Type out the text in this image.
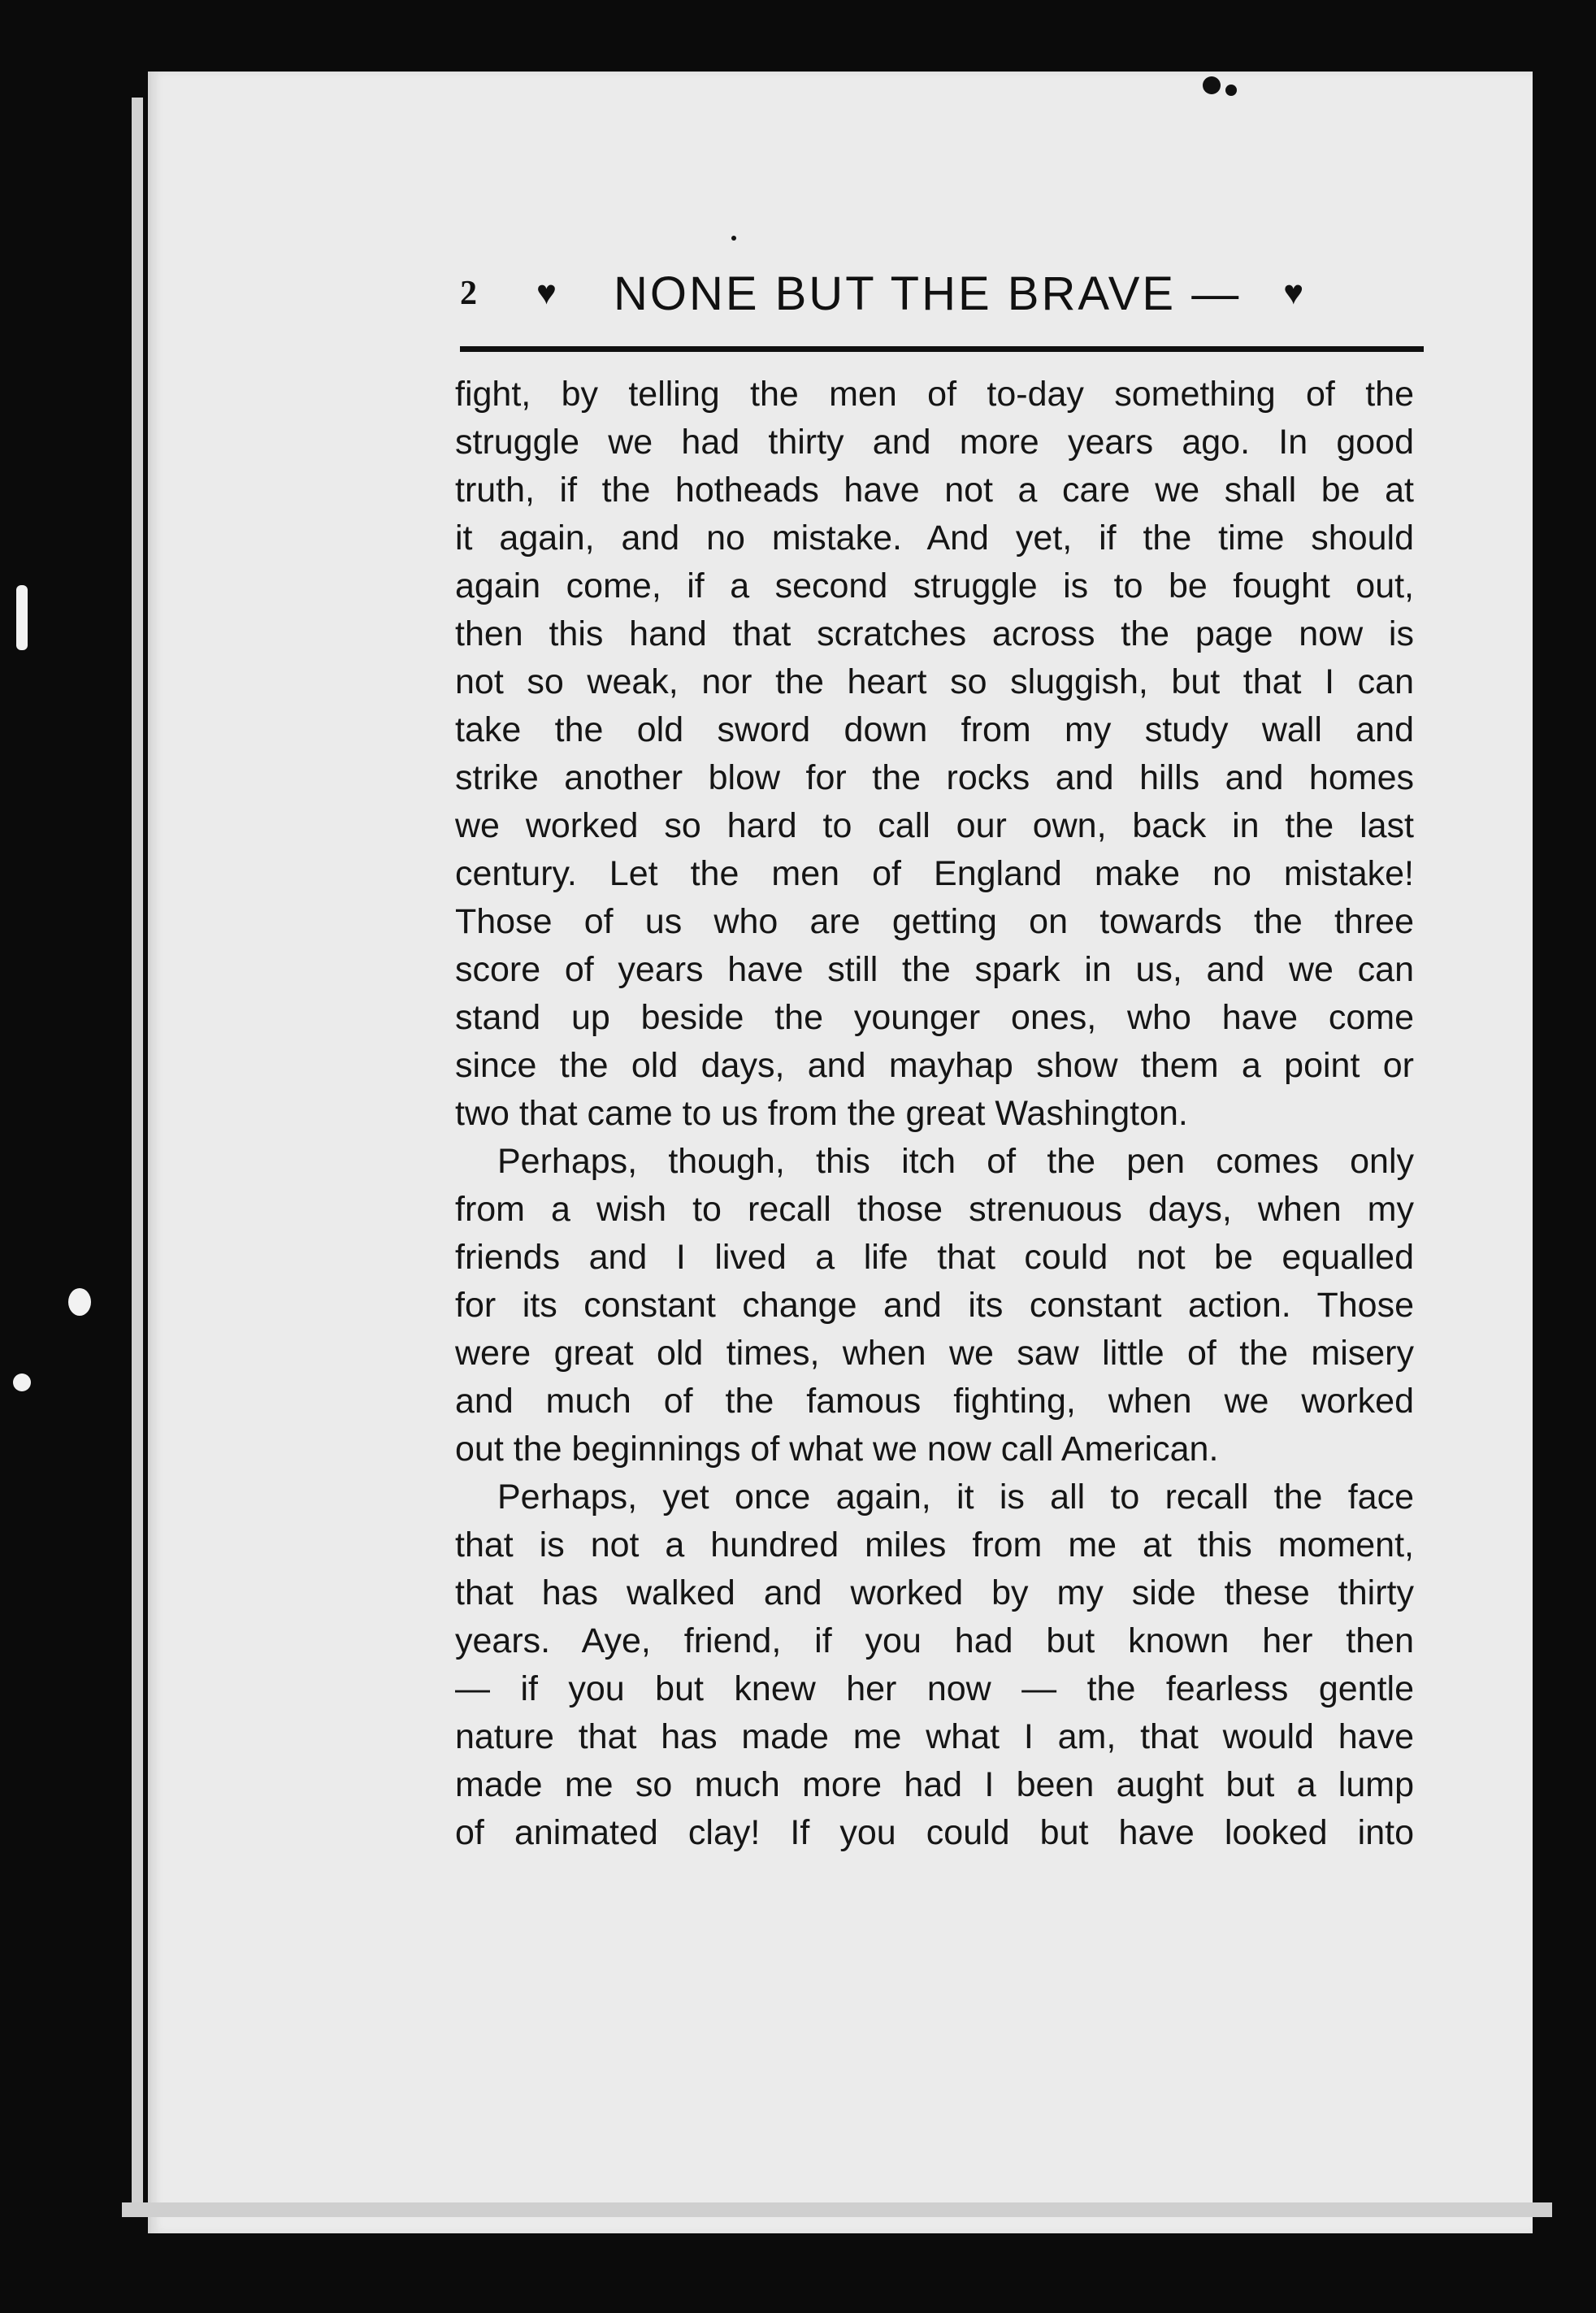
2	♥ NONE BUT THE BRAVE — ♥
fight, by telling the men of to-day something of the
struggle we had thirty and more years ago. In good
truth, if the hotheads have not a care we shall be at
it again, and no mistake. And yet, if the time should
again come, if a second struggle is to be fought out,
then this hand that scratches across the page now is
not so weak, nor the heart so sluggish, but that I can
take the old sword down from my study wall and
strike another blow for the rocks and hills and homes
we worked so hard to call our own, back in the last
century. Let the men of England make no mistake!
Those of us who are getting on towards the three
score of years have still the spark in us, and we can
stand up beside the younger ones, who have come
since the old days, and mayhap show them a point or
two that came to us from the great Washington.
Perhaps, though, this itch of the pen comes only
from a wish to recall those strenuous days, when my
friends and I lived a life that could not be equalled
for its constant change and its constant action. Those
were great old times, when we saw little of the misery
and much of the famous fighting, when we worked
out the beginnings of what we now call American.
Perhaps, yet once again, it is all to recall the face
that is not a hundred miles from me at this moment,
that has walked and worked by my side these thirty
years. Aye, friend, if you had but known her then
— if you but knew her now — the fearless gentle
nature that has made me what I am, that would have
made me so much more had I been aught but a lump
of animated clay! If you could but have looked into
